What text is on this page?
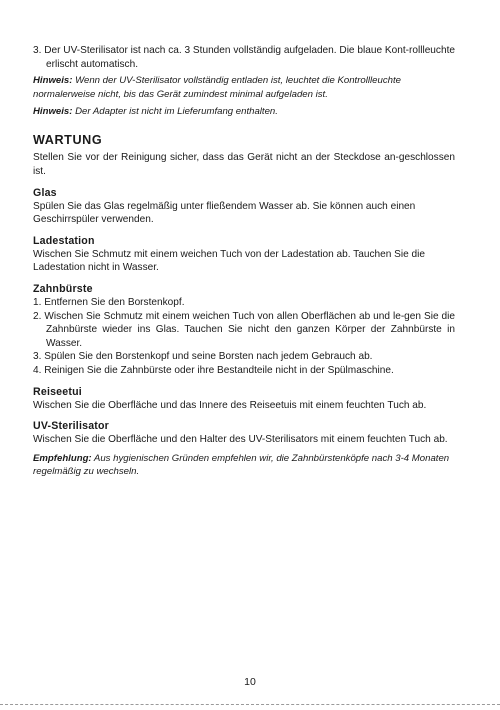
3. Der UV-Sterilisator ist nach ca. 3 Stunden vollständig aufgeladen. Die blaue Kont-rollleuchte erlischt automatisch.

Hinweis: Wenn der UV-Sterilisator vollständig entladen ist, leuchtet die Kontrollleuchte normalerweise nicht, bis das Gerät zumindest minimal aufgeladen ist.

Hinweis: Der Adapter ist nicht im Lieferumfang enthalten.

WARTUNG

Stellen Sie vor der Reinigung sicher, dass das Gerät nicht an der Steckdose an-geschlossen ist.

Glas

Spülen Sie das Glas regelmäßig unter fließendem Wasser ab. Sie können auch einen Geschirrspüler verwenden.

Ladestation

Wischen Sie Schmutz mit einem weichen Tuch von der Ladestation ab. Tauchen Sie die Ladestation nicht in Wasser.

Zahnbürste

1. Entfernen Sie den Borstenkopf.

2. Wischen Sie Schmutz mit einem weichen Tuch von allen Oberflächen ab und le-gen Sie die Zahnbürste wieder ins Glas. Tauchen Sie nicht den ganzen Körper der Zahnbürste in Wasser.

3. Spülen Sie den Borstenkopf und seine Borsten nach jedem Gebrauch ab.

4. Reinigen Sie die Zahnbürste oder ihre Bestandteile nicht in der Spülmaschine.

Reiseetui

Wischen Sie die Oberfläche und das Innere des Reiseetuis mit einem feuchten Tuch ab.

UV-Sterilisator

Wischen Sie die Oberfläche und den Halter des UV-Sterilisators mit einem feuchten Tuch ab.

Empfehlung: Aus hygienischen Gründen empfehlen wir, die Zahnbürstenköpfe nach 3-4 Monaten regelmäßig zu wechseln.

10
